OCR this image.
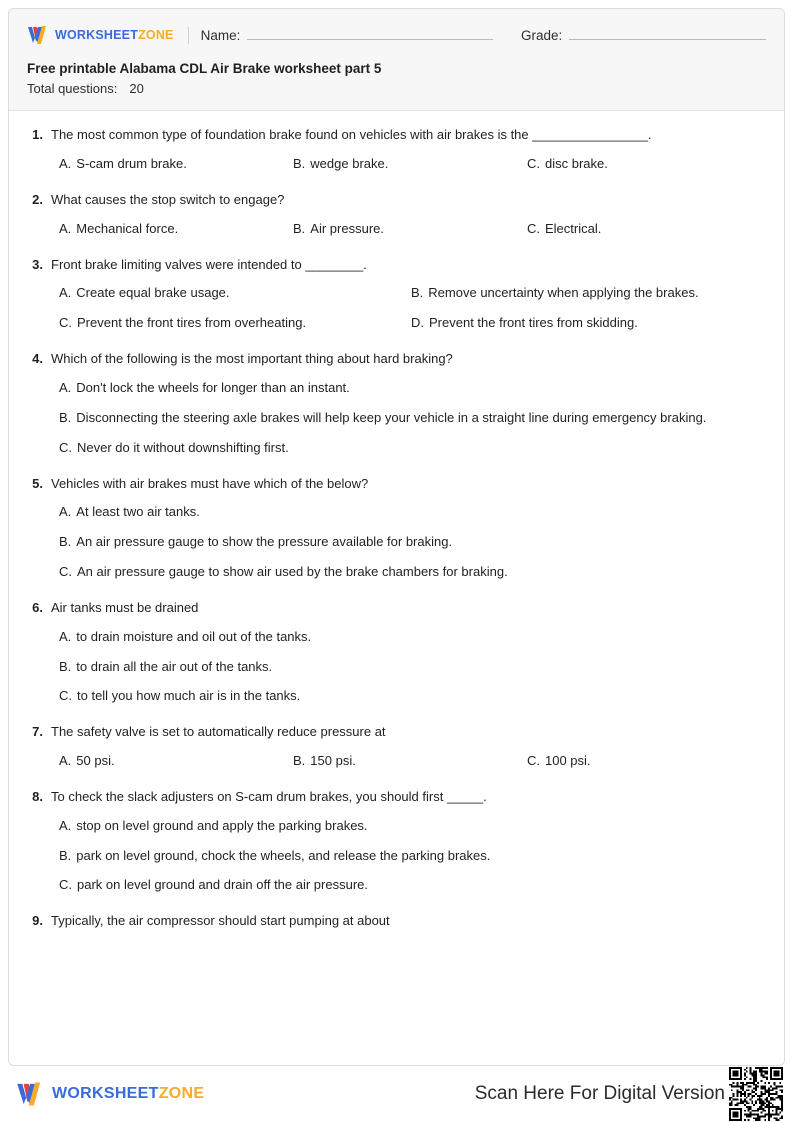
WORKSHEETZONE Name:	Grade:
Free printable Alabama CDL Air Brake worksheet part 5
Total questions: 20
1. The most common type of foundation brake found on vehicles with air brakes is the ________________.
A. S-cam drum brake.	B. wedge brake.	C. disc brake.
2. What causes the stop switch to engage?
A. Mechanical force.	B. Air pressure.	C. Electrical.
3. Front brake limiting valves were intended to ________.
A. Create equal brake usage.	B. Remove uncertainty when applying the brakes.
C. Prevent the front tires from overheating.	D. Prevent the front tires from skidding.
4. Which of the following is the most important thing about hard braking?
A. Don't lock the wheels for longer than an instant.
B. Disconnecting the steering axle brakes will help keep your vehicle in a straight line during emergency braking.
C. Never do it without downshifting first.
5. Vehicles with air brakes must have which of the below?
A. At least two air tanks.
B. An air pressure gauge to show the pressure available for braking.
C. An air pressure gauge to show air used by the brake chambers for braking.
6. Air tanks must be drained
A. to drain moisture and oil out of the tanks.
B. to drain all the air out of the tanks.
C. to tell you how much air is in the tanks.
7. The safety valve is set to automatically reduce pressure at
A. 50 psi.	B. 150 psi.	C. 100 psi.
8. To check the slack adjusters on S-cam drum brakes, you should first _____.
A. stop on level ground and apply the parking brakes.
B. park on level ground, chock the wheels, and release the parking brakes.
C. park on level ground and drain off the air pressure.
9. Typically, the air compressor should start pumping at about
WORKSHEETZONE	Scan Here For Digital Version
